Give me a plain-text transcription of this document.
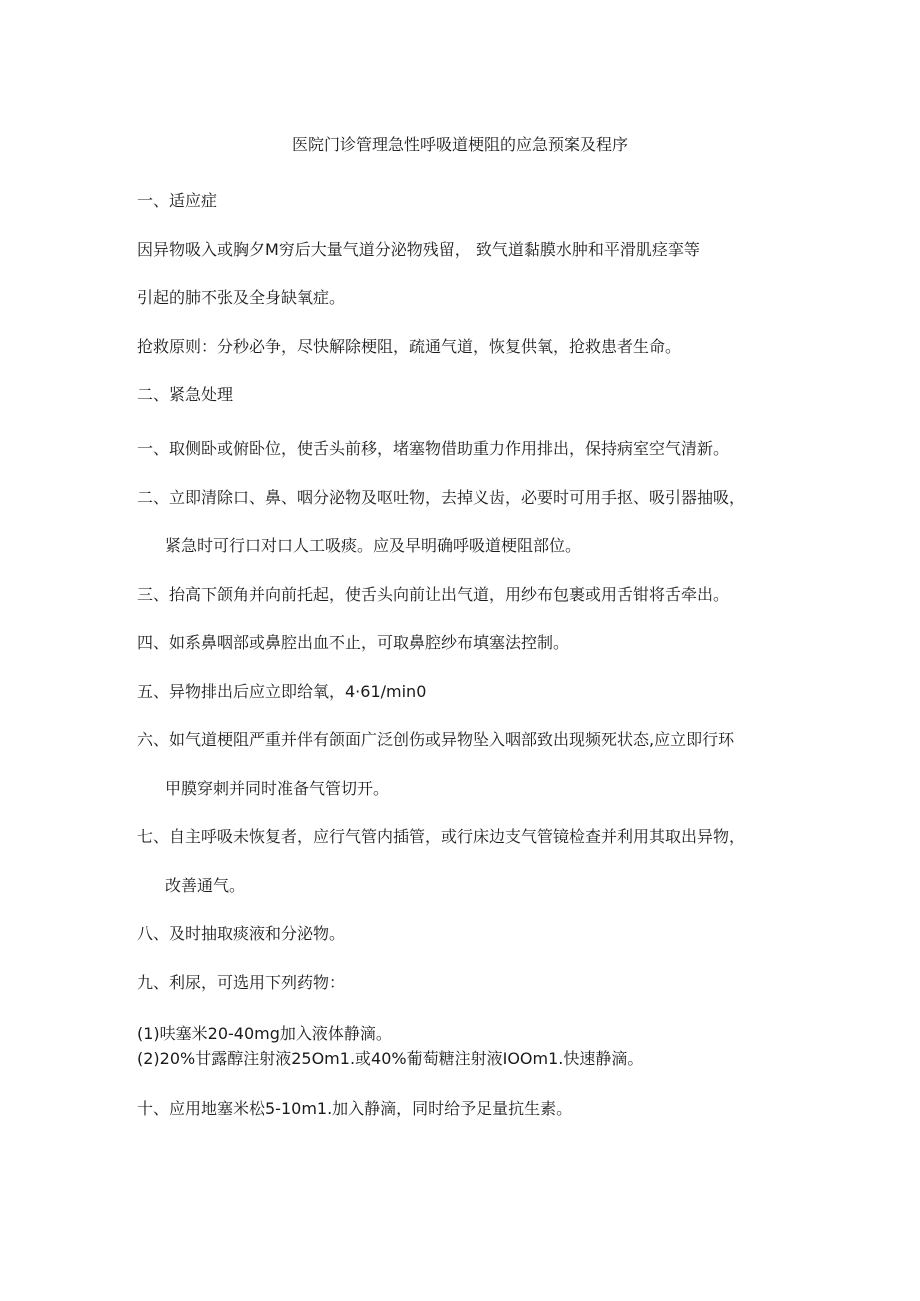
医院门诊管理急性呼吸道梗阻的应急预案及程序

一、适应症

因异物吸入或胸夕M穷后大量气道分泌物残留， 致气道黏膜水肿和平滑肌痉挛等

引起的肺不张及全身缺氧症。

抢救原则：分秒必争，尽快解除梗阻，疏通气道，恢复供氧，抢救患者生命。

二、紧急处理

一、取侧卧或俯卧位，使舌头前移，堵塞物借助重力作用排出，保持病室空气清新。

二、立即清除口、鼻、咽分泌物及呕吐物，去掉义齿，必要时可用手抠、吸引器抽吸，

紧急时可行口对口人工吸痰。应及早明确呼吸道梗阻部位。

三、抬高下颌角并向前托起，使舌头向前让出气道，用纱布包裹或用舌钳将舌牵出。

四、如系鼻咽部或鼻腔出血不止，可取鼻腔纱布填塞法控制。

五、异物排出后应立即给氧，4·61∕min0

六、如气道梗阻严重并伴有颌面广泛创伤或异物坠入咽部致出现频死状态,应立即行环

甲膜穿刺并同时准备气管切开。

七、自主呼吸未恢复者，应行气管内插管，或行床边支气管镜检查并利用其取出异物，

改善通气。

八、及时抽取痰液和分泌物。

九、利尿，可选用下列药物：

(1)呋塞米20-40mg加入液体静滴。

(2)20%甘露醇注射液25Om1.或40%葡萄糖注射液IOOm1.快速静滴。

十、应用地塞米松5-10m1.加入静滴，同时给予足量抗生素。
